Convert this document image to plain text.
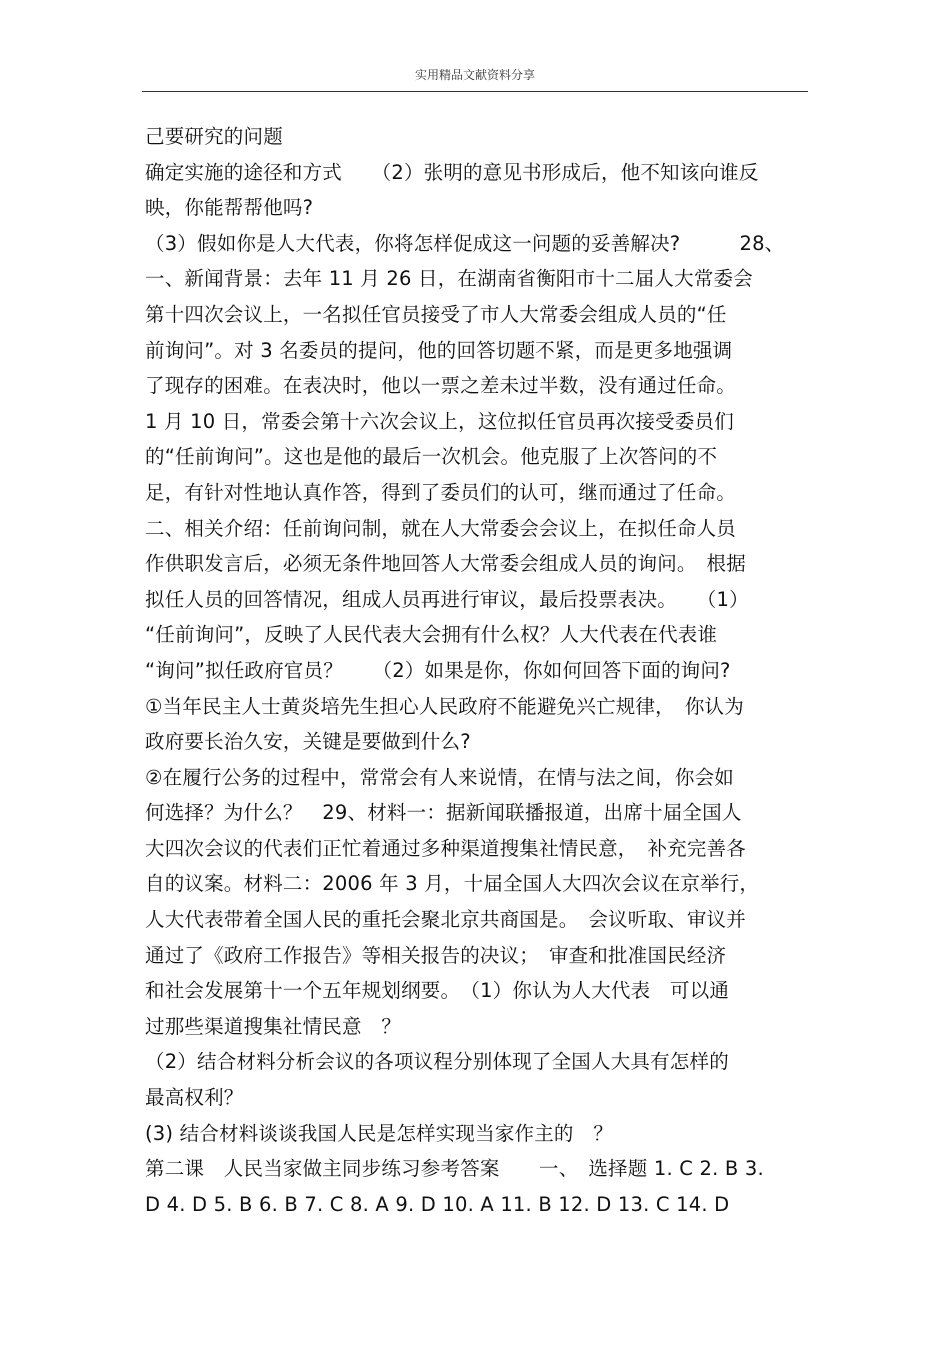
实用精品文献资料分享
己要研究的问题
确定实施的途径和方式　　（2）张明的意见书形成后，他不知该向谁反
映，你能帮帮他吗?
（3）假如你是人大代表，你将怎样促成这一问题的妥善解决?　　　28、
一、新闻背景：去年 11 月 26 日，在湖南省衡阳市十二届人大常委会
第十四次会议上，一名拟任官员接受了市人大常委会组成人员的“任
前询问”。对 3 名委员的提问，他的回答切题不紧，而是更多地强调
了现存的困难。在表决时，他以一票之差未过半数，没有通过任命。
1 月 10 日，常委会第十六次会议上，这位拟任官员再次接受委员们
的“任前询问”。这也是他的最后一次机会。他克服了上次答问的不
足，有针对性地认真作答，得到了委员们的认可，继而通过了任命。
二、相关介绍：任前询问制，就在人大常委会会议上，在拟任命人员
作供职发言后，必须无条件地回答人大常委会组成人员的询问。　根据
拟任人员的回答情况，组成人员再进行审议，最后投票表决。　　（1）
“任前询问”，反映了人民代表大会拥有什么权？人大代表在代表谁
“询问”拟任政府官员？　　（2）如果是你，你如何回答下面的询问?
①当年民主人士黄炎培先生担心人民政府不能避免兴亡规律，　你认为
政府要长治久安，关键是要做到什么?
②在履行公务的过程中，常常会有人来说情，在情与法之间，你会如
何选择？为什么？　29、材料一：据新闻联播报道，出席十届全国人
大四次会议的代表们正忙着通过多种渠道搜集社情民意，　补充完善各
自的议案。材料二：2006 年 3 月，十届全国人大四次会议在京举行，
人大代表带着全国人民的重托会聚北京共商国是。　会议听取、审议并
通过了《政府工作报告》等相关报告的决议；　审查和批准国民经济
和社会发展第十一个五年规划纲要。　（1）你认为人大代表　可以通
过那些渠道搜集社情民意　？
（2）结合材料分析会议的各项议程分别体现了全国人大具有怎样的
最高权利？
(3) 结合材料谈谈我国人民是怎样实现当家作主的　？
第二课　人民当家做主同步练习参考答案　　一、　选择题 1. C 2. B 3.
D 4. D 5. B 6. B 7. C 8. A 9. D 10. A 11. B 12. D 13. C 14. D
